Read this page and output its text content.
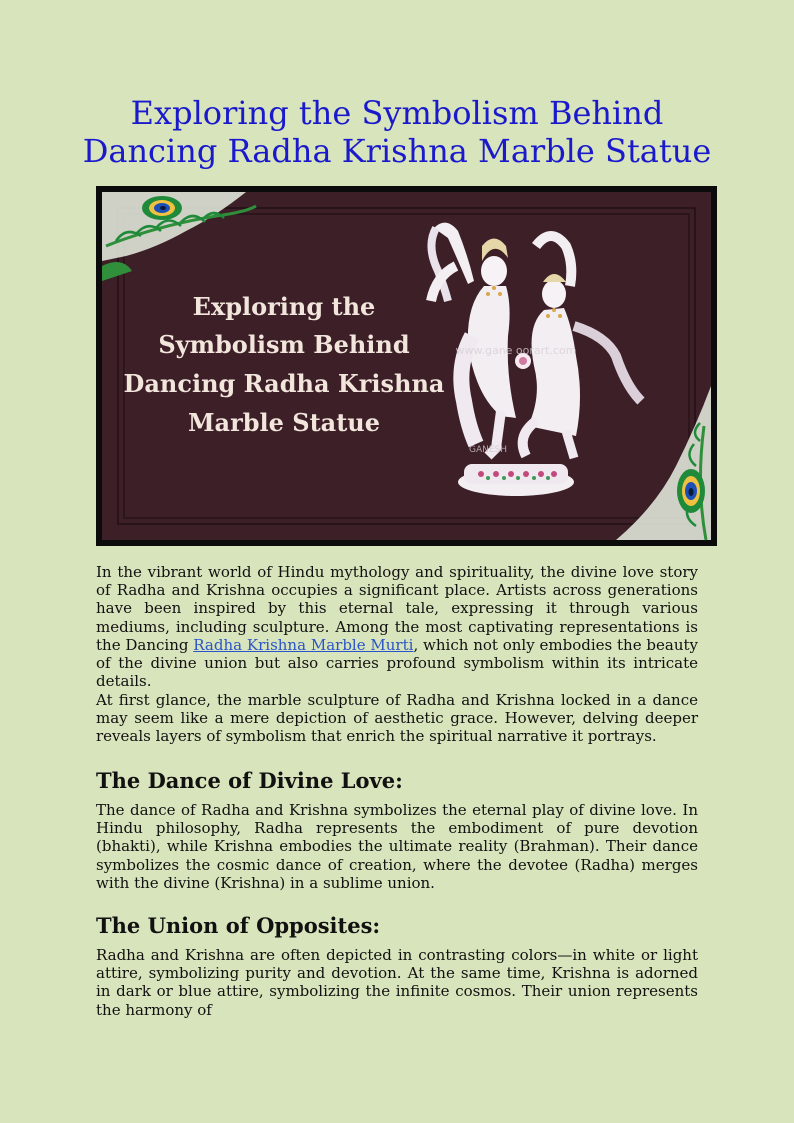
Exploring the Symbolism Behind Dancing Radha Krishna Marble Statue
Exploring the
Symbolism Behind
Dancing Radha Krishna
Marble Statue
www.gane oorart.com
GANESH

In the vibrant world of Hindu mythology and spirituality, the divine love story of Radha and Krishna occupies a significant place. Artists across generations have been inspired by this eternal tale, expressing it through various mediums, including sculpture. Among the most captivating representations is the Dancing Radha Krishna Marble Murti, which not only embodies the beauty of the divine union but also carries profound symbolism within its intricate details.

At first glance, the marble sculpture of Radha and Krishna locked in a dance may seem like a mere depiction of aesthetic grace. However, delving deeper reveals layers of symbolism that enrich the spiritual narrative it portrays.

The Dance of Divine Love:

The dance of Radha and Krishna symbolizes the eternal play of divine love. In Hindu philosophy, Radha represents the embodiment of pure devotion (bhakti), while Krishna embodies the ultimate reality (Brahman). Their dance symbolizes the cosmic dance of creation, where the devotee (Radha) merges with the divine (Krishna) in a sublime union.

The Union of Opposites:

Radha and Krishna are often depicted in contrasting colors—in white or light attire, symbolizing purity and devotion. At the same time, Krishna is adorned in dark or blue attire, symbolizing the infinite cosmos. Their union represents the harmony of
